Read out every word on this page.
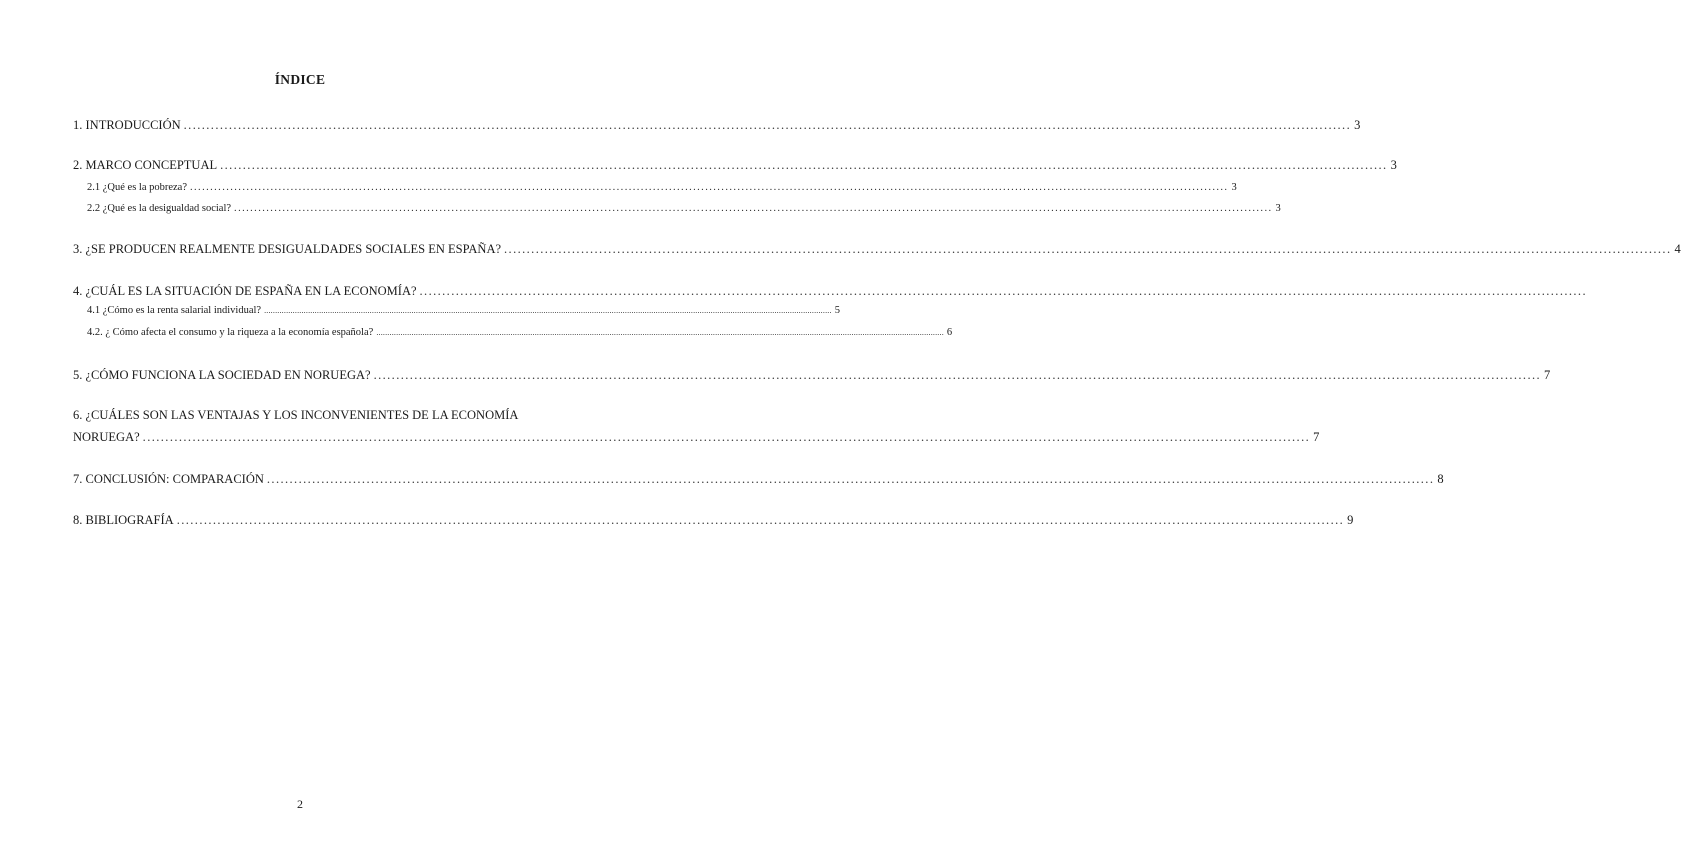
ÍNDICE
1. INTRODUCCIÓN .................................................................................................................................................................................................................................................................. 3
2. MARCO CONCEPTUAL .................................................................................................................................................................................................................................................................. 3
2.1 ¿Qué es la pobreza? .................................................................................................................................................................................................................................................................. 3
2.2 ¿Qué es la desigualdad social? .................................................................................................................................................................................................................................................................. 3
3. ¿SE PRODUCEN REALMENTE DESIGUALDADES SOCIALES EN ESPAÑA? .................................................................................................................................................................................................................................................................. 4
4. ¿CUÁL ES LA SITUACIÓN DE ESPAÑA EN LA ECONOMÍA? ..................................................................................................................................................................................................................................................................
4.1 ¿Cómo es la renta salarial individual? .................................................................................................................................................................................................................................................................. 5
4.2. ¿ Cómo afecta el consumo y la riqueza a la economía española? .................................................................................................................................................................................................................................................................. 6
5. ¿CÓMO FUNCIONA LA SOCIEDAD EN NORUEGA? .................................................................................................................................................................................................................................................................. 7
6. ¿CUÁLES SON LAS VENTAJAS Y LOS INCONVENIENTES DE LA ECONOMÍA
NORUEGA? .................................................................................................................................................................................................................................................................. 7
7. CONCLUSIÓN: COMPARACIÓN .................................................................................................................................................................................................................................................................. 8
8. BIBLIOGRAFÍA .................................................................................................................................................................................................................................................................. 9
2
